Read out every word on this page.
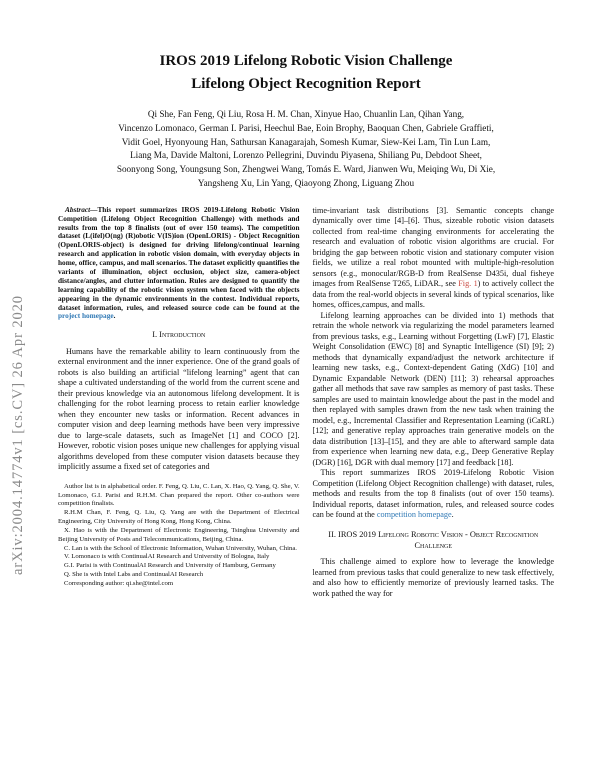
arXiv:2004.14774v1 [cs.CV] 26 Apr 2020
IROS 2019 Lifelong Robotic Vision Challenge
Lifelong Object Recognition Report
Qi She, Fan Feng, Qi Liu, Rosa H. M. Chan, Xinyue Hao, Chuanlin Lan, Qihan Yang,
Vincenzo Lomonaco, German I. Parisi, Heechul Bae, Eoin Brophy, Baoquan Chen, Gabriele Graffieti,
Vidit Goel, Hyonyoung Han, Sathursan Kanagarajah, Somesh Kumar, Siew-Kei Lam, Tin Lun Lam,
Liang Ma, Davide Maltoni, Lorenzo Pellegrini, Duvindu Piyasena, Shiliang Pu, Debdoot Sheet,
Soonyong Song, Youngsung Son, Zhengwei Wang, Tomás E. Ward, Jianwen Wu, Meiqing Wu, Di Xie,
Yangsheng Xu, Lin Yang, Qiaoyong Zhong, Liguang Zhou

Abstract—This report summarizes IROS 2019-Lifelong Robotic Vision Competition (Lifelong Object Recognition Challenge) with methods and results from the top 8 finalists (out of over 150 teams). The competition dataset (L(ifel)O(ng) (R)obotic V(IS)ion (OpenLORIS) - Object Recognition (OpenLORIS-object) is designed for driving lifelong/continual learning research and application in robotic vision domain, with everyday objects in home, office, campus, and mall scenarios. The dataset explicitly quantifies the variants of illumination, object occlusion, object size, camera-object distance/angles, and clutter information. Rules are designed to quantify the learning capability of the robotic vision system when faced with the objects appearing in the dynamic environments in the contest. Individual reports, dataset information, rules, and released source code can be found at the project homepage.

I. Introduction

Humans have the remarkable ability to learn continuously from the external environment and the inner experience. One of the grand goals of robots is also building an artificial “lifelong learning” agent that can shape a cultivated understanding of the world from the current scene and their previous knowledge via an autonomous lifelong development. It is challenging for the robot learning process to retain earlier knowledge when they encounter new tasks or information. Recent advances in computer vision and deep learning methods have been very impressive due to large-scale datasets, such as ImageNet [1] and COCO [2]. However, robotic vision poses unique new challenges for applying visual algorithms developed from these computer vision datasets because they implicitly assume a fixed set of categories and

Author list is in alphabetical order. F. Feng, Q. Liu, C. Lan, X. Hao, Q. Yang, Q. She, V. Lomonaco, G.I. Parisi and R.H.M. Chan prepared the report. Other co-authors were competition finalists.

R.H.M Chan, F. Feng, Q. Liu, Q. Yang are with the Department of Electrical Engineering, City University of Hong Kong, Hong Kong, China.

X. Hao is with the Department of Electronic Engineering, Tsinghua University and Beijing University of Posts and Telecommunications, Beijing, China.

C. Lan is with the School of Electronic Information, Wuhan University, Wuhan, China.

V. Lomonaco is with ContinualAI Research and University of Bologna, Italy

G.I. Parisi is with ContinualAI Research and University of Hamburg, Germany

Q. She is with Intel Labs and ContinualAI Research

Corresponding author: qi.she@intel.com

time-invariant task distributions [3]. Semantic concepts change dynamically over time [4]–[6]. Thus, sizeable robotic vision datasets collected from real-time changing environments for accelerating the research and evaluation of robotic vision algorithms are crucial. For bridging the gap between robotic vision and stationary computer vision fields, we utilize a real robot mounted with multiple-high-resolution sensors (e.g., monocular/RGB-D from RealSense D435i, dual fisheye images from RealSense T265, LiDAR., see Fig. 1) to actively collect the data from the real-world objects in several kinds of typical scenarios, like homes, offices,campus, and malls.

Lifelong learning approaches can be divided into 1) methods that retrain the whole network via regularizing the model parameters learned from previous tasks, e.g., Learning without Forgetting (LwF) [7], Elastic Weight Consolidation (EWC) [8] and Synaptic Intelligence (SI) [9]; 2) methods that dynamically expand/adjust the network architecture if learning new tasks, e.g., Context-dependent Gating (XdG) [10] and Dynamic Expandable Network (DEN) [11]; 3) rehearsal approaches gather all methods that save raw samples as memory of past tasks. These samples are used to maintain knowledge about the past in the model and then replayed with samples drawn from the new task when training the model, e.g., Incremental Classifier and Representation Learning (iCaRL) [12]; and generative replay approaches train generative models on the data distribution [13]–[15], and they are able to afterward sample data from experience when learning new data, e.g., Deep Generative Replay (DGR) [16], DGR with dual memory [17] and feedback [18].

This report summarizes IROS 2019-Lifelong Robotic Vision Competition (Lifelong Object Recognition challenge) with dataset, rules, methods and results from the top 8 finalists (out of over 150 teams). Individual reports, dataset information, rules, and released source codes can be found at the competition homepage.

II. IROS 2019 Lifelong Robotic Vision - Object Recognition Challenge

This challenge aimed to explore how to leverage the knowledge learned from previous tasks that could generalize to new task effectively, and also how to efficiently memorize of previously learned tasks. The work pathed the way for
